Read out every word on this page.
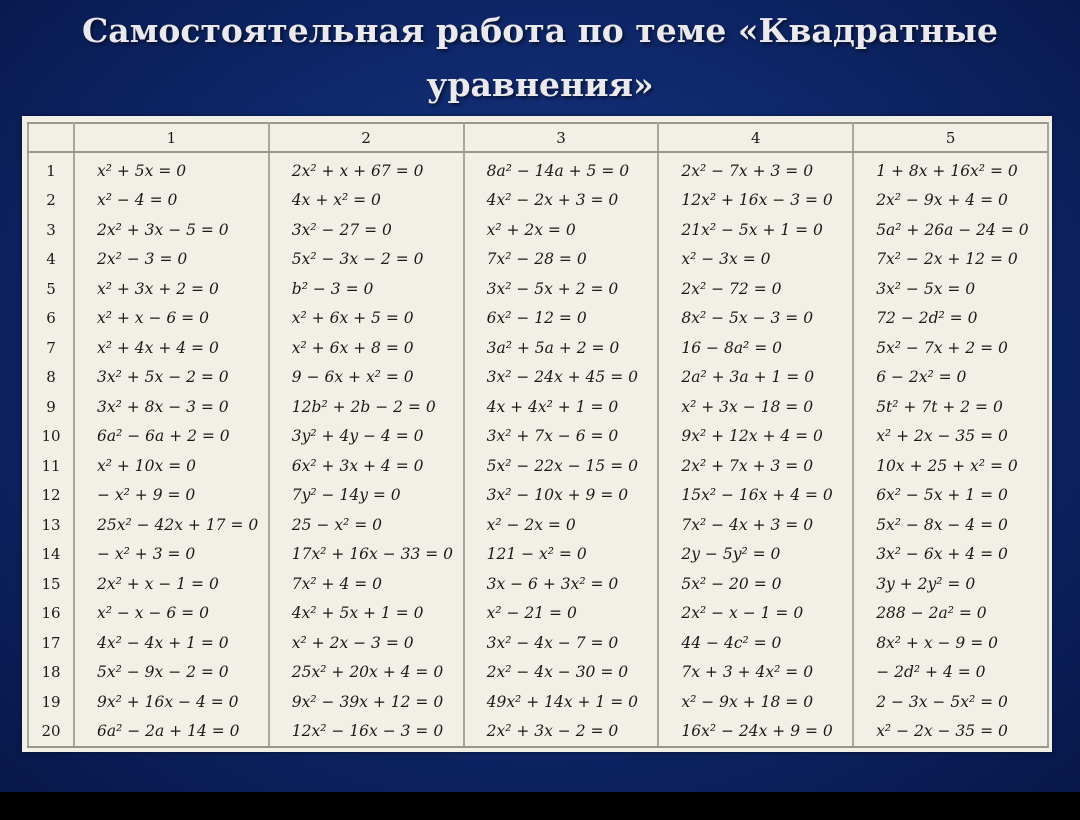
Самостоятельная работа по теме «Квадратные
уравнения»
	1	2	3	4	5
1	x² + 5x = 0	2x² + x + 67 = 0	8a² − 14a + 5 = 0	2x² − 7x + 3 = 0	1 + 8x + 16x² = 0
2	x² − 4 = 0	4x + x² = 0	4x² − 2x + 3 = 0	12x² + 16x − 3 = 0	2x² − 9x + 4 = 0
3	2x² + 3x − 5 = 0	3x² − 27 = 0	x² + 2x = 0	21x² − 5x + 1 = 0	5a² + 26a − 24 = 0
4	2x² − 3 = 0	5x² − 3x − 2 = 0	7x² − 28 = 0	x² − 3x = 0	7x² − 2x + 12 = 0
5	x² + 3x + 2 = 0	b² − 3 = 0	3x² − 5x + 2 = 0	2x² − 72 = 0	3x² − 5x = 0
6	x² + x − 6 = 0	x² + 6x + 5 = 0	6x² − 12 = 0	8x² − 5x − 3 = 0	72 − 2d² = 0
7	x² + 4x + 4 = 0	x² + 6x + 8 = 0	3a² + 5a + 2 = 0	16 − 8a² = 0	5x² − 7x + 2 = 0
8	3x² + 5x − 2 = 0	9 − 6x + x² = 0	3x² − 24x + 45 = 0	2a² + 3a + 1 = 0	6 − 2x² = 0
9	3x² + 8x − 3 = 0	12b² + 2b − 2 = 0	4x + 4x² + 1 = 0	x² + 3x − 18 = 0	5t² + 7t + 2 = 0
10	6a² − 6a + 2 = 0	3y² + 4y − 4 = 0	3x² + 7x − 6 = 0	9x² + 12x + 4 = 0	x² + 2x − 35 = 0
11	x² + 10x = 0	6x² + 3x + 4 = 0	5x² − 22x − 15 = 0	2x² + 7x + 3 = 0	10x + 25 + x² = 0
12	− x² + 9 = 0	7y² − 14y = 0	3x² − 10x + 9 = 0	15x² − 16x + 4 = 0	6x² − 5x + 1 = 0
13	25x² − 42x + 17 = 0	25 − x² = 0	x² − 2x = 0	7x² − 4x + 3 = 0	5x² − 8x − 4 = 0
14	− x² + 3 = 0	17x² + 16x − 33 = 0	121 − x² = 0	2y − 5y² = 0	3x² − 6x + 4 = 0
15	2x² + x − 1 = 0	7x² + 4 = 0	3x − 6 + 3x² = 0	5x² − 20 = 0	3y + 2y² = 0
16	x² − x − 6 = 0	4x² + 5x + 1 = 0	x² − 21 = 0	2x² − x − 1 = 0	288 − 2a² = 0
17	4x² − 4x + 1 = 0	x² + 2x − 3 = 0	3x² − 4x − 7 = 0	44 − 4c² = 0	8x² + x − 9 = 0
18	5x² − 9x − 2 = 0	25x² + 20x + 4 = 0	2x² − 4x − 30 = 0	7x + 3 + 4x² = 0	− 2d² + 4 = 0
19	9x² + 16x − 4 = 0	9x² − 39x + 12 = 0	49x² + 14x + 1 = 0	x² − 9x + 18 = 0	2 − 3x − 5x² = 0
20	6a² − 2a + 14 = 0	12x² − 16x − 3 = 0	2x² + 3x − 2 = 0	16x² − 24x + 9 = 0	x² − 2x − 35 = 0
